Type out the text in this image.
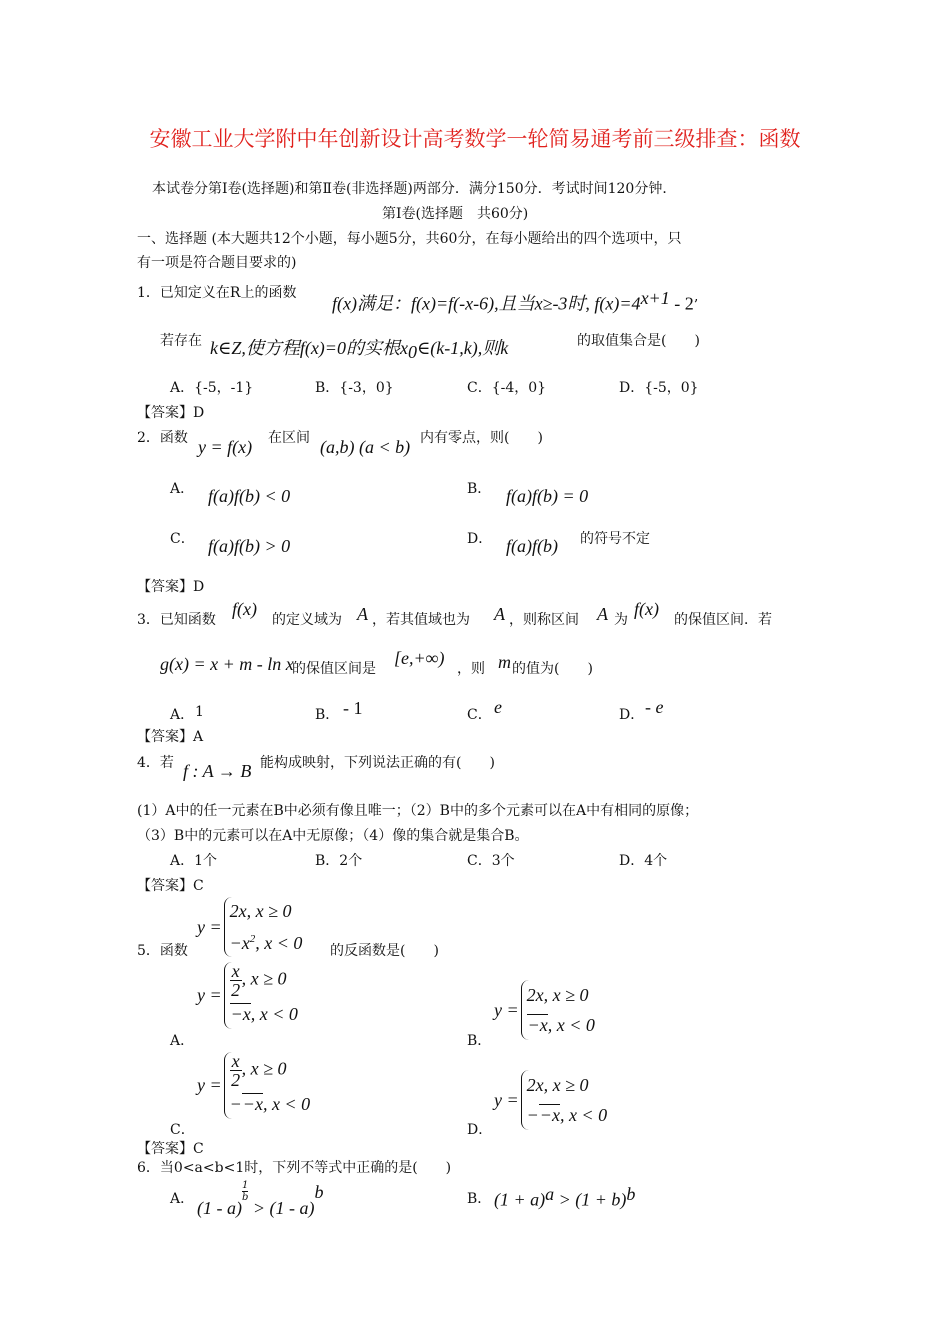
安徽工业大学附中年创新设计高考数学一轮简易通考前三级排查：函数
本试卷分第Ⅰ卷(选择题)和第Ⅱ卷(非选择题)两部分．满分150分．考试时间120分钟．
第Ⅰ卷(选择题　共60分)
一、选择题 (本大题共12个小题，每小题5分，共60分，在每小题给出的四个选项中，只
有一项是符合题目要求的)
1．已知定义在R上的函数
f(x)满足：f(x)=f(-x-6),且当x≥-3时, $f(x)=4^{x+1} - 2$’
若存在 k∈Z,使方程f(x)=0的实根$x_0\in(k-1,k)$,则k	的取值集合是(　　)
A．{-5，-1}	B．{-3，0}	C．{-4，0}	D．{-5，0}
【答案】D
2．函数 y = f(x) 在区间 (a,b) (a < b) 内有零点，则(　　)
A． f(a)f(b) < 0	B． f(a)f(b) = 0
C． f(a)f(b) > 0	D． f(a)f(b) 的符号不定
【答案】D
3．已知函数
f(x)
的定义域为 A ，若其值域也为 A ，则称区间 A 为
f(x)
的保值区间．若
g(x) = x + m - ln x
的保值区间是
[e,+∞)
，则 m 的值为(　　)
A． 1	B． - 1	C． e	D． - e
【答案】A
4．若 f : A → B 能构成映射，下列说法正确的有(　　)
(1）A中的任一元素在B中必须有像且唯一；（2）B中的多个元素可以在A中有相同的原像；
（3）B中的元素可以在A中无原像；（4）像的集合就是集合B。
A．1个	B．2个	C．3个	D．4个
【答案】C
5．函数
y =
2x, x ≥ 0
$-x^2$, x < 0 的反函数是(　　)
$y = \frac{x}{2}$ , x ≥ 0
−x, x < 0
A．
y =
2x, x ≥ 0
−x, x < 0
B．
$y = \frac{x}{2}$ , x ≥ 0
−−x, x < 0
C．
y =
2x, x ≥ 0
−−x, x < 0
D．
【答案】C
6．当0<a<b<1时，下列不等式中正确的是(　　)
A． (1 - a)
$\frac{1}{b}$
> (1 - a)$^b$	B． $(1 + a)^a > (1 + b)^b$
